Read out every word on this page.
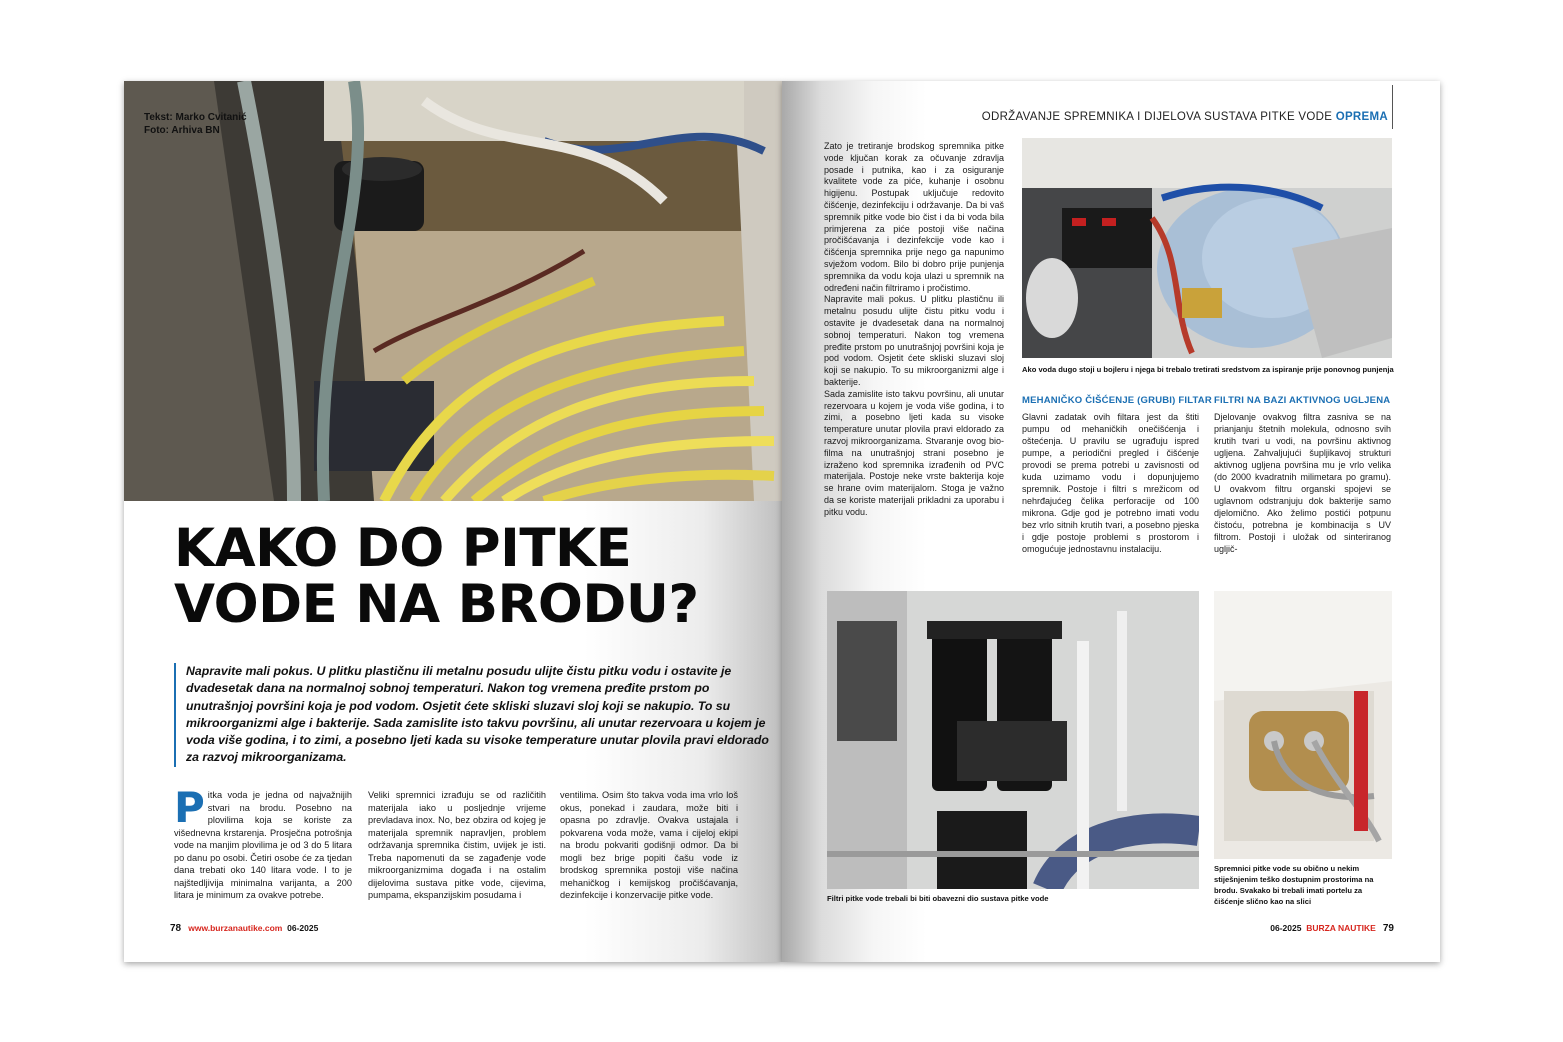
Tekst: Marko Cvitanić
Foto: Arhiva BN
KAKO DO PITKE
VODE NA BRODU?
Napravite mali pokus. U plitku plastičnu ili metalnu posudu ulijte čistu pitku vodu i ostavite je dvadesetak dana na normalnoj sobnoj temperaturi. Nakon tog vremena pređite prstom po unutrašnjoj površini koja je pod vodom. Osjetit ćete skliski sluzavi sloj koji se nakupio. To su mikroorganizmi alge i bakterije. Sada zamislite isto takvu površinu, ali unutar rezervoara u kojem je voda više godina, i to zimi, a posebno ljeti kada su visoke temperature unutar plovila pravi eldorado za razvoj mikroorganizama.
P itka voda je jedna od najvažnijih stvari na brodu. Posebno na plovilima koja se koriste za višednevna krstarenja. Prosječna potrošnja vode na manjim plovilima je od 3 do 5 litara po danu po osobi. Četiri osobe će za tjedan dana trebati oko 140 litara vode. I to je najštedljivija minimalna varijanta, a 200 litara je minimum za ovakve potrebe.
Veliki spremnici izrađuju se od različitih materijala iako u posljednje vrijeme prevladava inox. No, bez obzira od kojeg je materijala spremnik napravljen, problem održavanja spremnika čistim, uvijek je isti. Treba napomenuti da se zagađenje vode mikroorganizmima događa i na ostalim dijelovima sustava pitke vode, cijevima, pumpama, ekspanzijskim posudama i
ventilima. Osim što takva voda ima vrlo loš okus, ponekad i zaudara, može biti i opasna po zdravlje. Ovakva ustajala i pokvarena voda može, vama i cijeloj ekipi na brodu pokvariti godišnji odmor. Da bi mogli bez brige popiti čašu vode iz brodskog spremnika postoji više načina mehaničkog i kemijskog pročišćavanja, dezinfekcije i konzervacije pitke vode.
78 www.burzanautike.com 06-2025
ODRŽAVANJE SPREMNIKA I DIJELOVA SUSTAVA PITKE VODE OPREMA
Zato je tretiranje brodskog spremnika pitke vode ključan korak za očuvanje zdravlja posade i putnika, kao i za osiguranje kvalitete vode za piće, kuhanje i osobnu higijenu. Postupak uključuje redovito čišćenje, dezinfekciju i održavanje. Da bi vaš spremnik pitke vode bio čist i da bi voda bila primjerena za piće postoji više načina pročišćavanja i dezinfekcije vode kao i čišćenja spremnika prije nego ga napunimo svježom vodom. Bilo bi dobro prije punjenja spremnika da vodu koja ulazi u spremnik na određeni način filtriramo i pročistimo.
Napravite mali pokus. U plitku plastičnu ili metalnu posudu ulijte čistu pitku vodu i ostavite je dvadesetak dana na normalnoj sobnoj temperaturi. Nakon tog vremena pređite prstom po unutrašnjoj površini koja je pod vodom. Osjetit ćete skliski sluzavi sloj koji se nakupio. To su mikroorganizmi alge i bakterije.
Sada zamislite isto takvu površinu, ali unutar rezervoara u kojem je voda više godina, i to zimi, a posebno ljeti kada su visoke temperature unutar plovila pravi eldorado za razvoj mikroorganizama. Stvaranje ovog bio-filma na unutrašnjoj strani posebno je izraženo kod spremnika izrađenih od PVC materijala. Postoje neke vrste bakterija koje se hrane ovim materijalom. Stoga je važno da se koriste materijali prikladni za uporabu i pitku vodu.
Ako voda dugo stoji u bojleru i njega bi trebalo tretirati sredstvom za ispiranje prije ponovnog punjenja
MEHANIČKO ČIŠĆENJE (GRUBI) FILTAR
Glavni zadatak ovih filtara jest da štiti pumpu od mehaničkih onečišćenja i oštećenja. U pravilu se ugrađuju ispred pumpe, a periodični pregled i čišćenje provodi se prema potrebi u zavisnosti od kuda uzimamo vodu i dopunjujemo spremnik. Postoje i filtri s mrežicom od nehrđajućeg čelika perforacije od 100 mikrona. Gdje god je potrebno imati vodu bez vrlo sitnih krutih tvari, a posebno pjeska i gdje postoje problemi s prostorom i omogućuje jednostavnu instalaciju.
FILTRI NA BAZI AKTIVNOG UGLJENA
Djelovanje ovakvog filtra zasniva se na prianjanju štetnih molekula, odnosno svih krutih tvari u vodi, na površinu aktivnog ugljena. Zahvaljujući šupljikavoj strukturi aktivnog ugljena površina mu je vrlo velika (do 2000 kvadratnih milimetara po gramu). U ovakvom filtru organski spojevi se uglavnom odstranjuju dok bakterije samo djelomično. Ako želimo postići potpunu čistoću, potrebna je kombinacija s UV filtrom. Postoji i uložak od sinteriranog ugljič-
Filtri pitke vode trebali bi biti obavezni dio sustava pitke vode
Spremnici pitke vode su obično u nekim stiješnjenim teško dostupnim prostorima na brodu. Svakako bi trebali imati portelu za čišćenje slično kao na slici
06-2025 BURZA NAUTIKE 79
